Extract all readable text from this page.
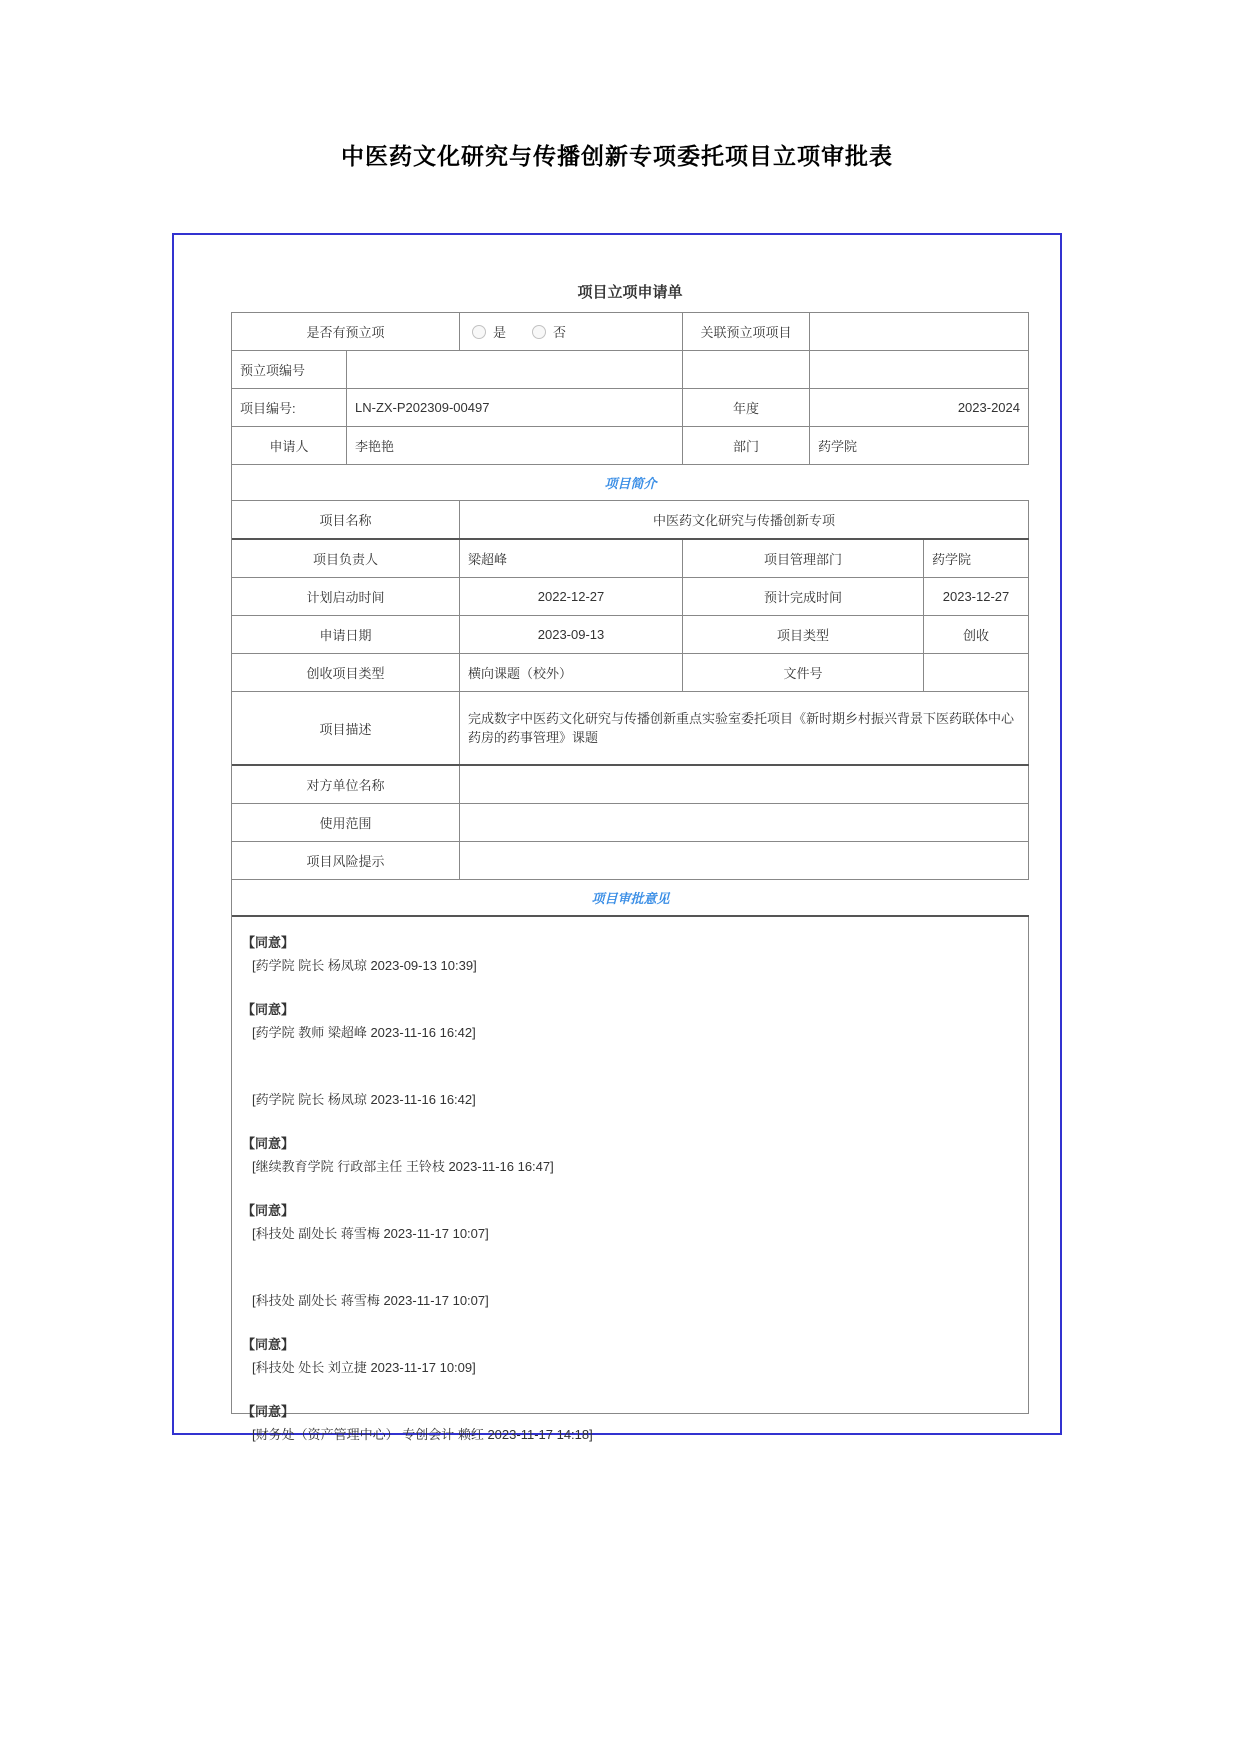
中医药文化研究与传播创新专项委托项目立项审批表
项目立项申请单
是否有预立项	是	否	关联预立项项目
预立项编号
项目编号:	LN-ZX-P202309-00497	年度	2023-2024
申请人	李艳艳	部门	药学院
项目简介
项目名称	中医药文化研究与传播创新专项
项目负责人	梁超峰	项目管理部门	药学院
计划启动时间	2022-12-27	预计完成时间	2023-12-27
申请日期	2023-09-13	项目类型	创收
创收项目类型	横向课题（校外）	文件号
项目描述
完成数字中医药文化研究与传播创新重点实验室委托项目《新时期乡村振兴背景下医药联体中心药房的药事管理》课题
对方单位名称
使用范围
项目风险提示
项目审批意见
【同意】
[药学院 院长 杨凤琼 2023-09-13 10:39]
【同意】
[药学院 教师 梁超峰 2023-11-16 16:42]
[药学院 院长 杨凤琼 2023-11-16 16:42]
【同意】
[继续教育学院 行政部主任 王铃枝 2023-11-16 16:47]
【同意】
[科技处 副处长 蒋雪梅 2023-11-17 10:07]
[科技处 副处长 蒋雪梅 2023-11-17 10:07]
【同意】
[科技处 处长 刘立捷 2023-11-17 10:09]
【同意】
[财务处（资产管理中心） 专创会计 赖红 2023-11-17 14:18]
